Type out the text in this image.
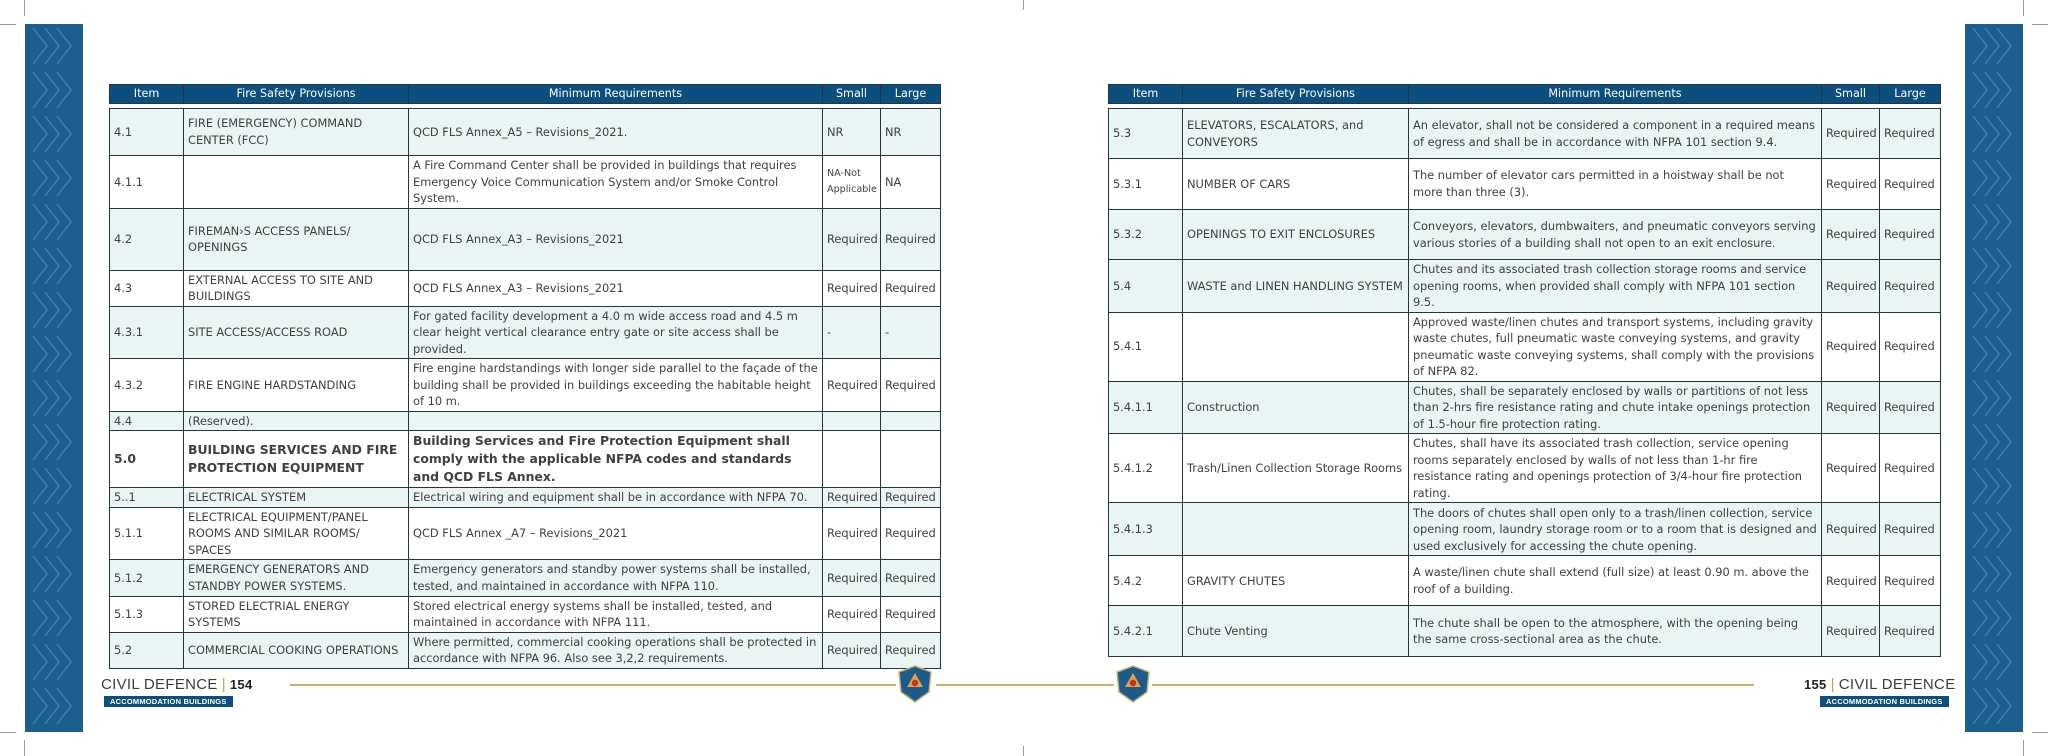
Item	Fire Safety Provisions	Minimum Requirements	Small	Large

4.1	FIRE (EMERGENCY) COMMAND CENTER (FCC)	QCD FLS Annex_A5 – Revisions_2021.	NR	NR
4.1.1		A Fire Command Center shall be provided in buildings that requires Emergency Voice Communication System and/or Smoke Control System.	NA-Not Applicable	NA
4.2	FIREMAN›S ACCESS PANELS/ OPENINGS	QCD FLS Annex_A3 – Revisions_2021	Required	Required
4.3	EXTERNAL ACCESS TO SITE AND BUILDINGS	QCD FLS Annex_A3 – Revisions_2021	Required	Required
4.3.1	SITE ACCESS/ACCESS ROAD	For gated facility development a 4.0 m wide access road and 4.5 m clear height vertical clearance entry gate or site access shall be provided.	-	-
4.3.2	FIRE ENGINE HARDSTANDING	Fire engine hardstandings with longer side parallel to the façade of the building shall be provided in buildings exceeding the habitable height of 10 m.	Required	Required
4.4	(Reserved).			
5.0	BUILDING SERVICES AND FIRE PROTECTION EQUIPMENT	Building Services and Fire Protection Equipment shall comply with the applicable NFPA codes and standards and QCD FLS Annex.		
5..1	ELECTRICAL SYSTEM	Electrical wiring and equipment shall be in accordance with NFPA 70.	Required	Required
5.1.1	ELECTRICAL EQUIPMENT/PANEL ROOMS AND SIMILAR ROOMS/ SPACES	QCD FLS Annex _A7 – Revisions_2021	Required	Required
5.1.2	EMERGENCY GENERATORS AND STANDBY POWER SYSTEMS.	Emergency generators and standby power systems shall be installed, tested, and maintained in accordance with NFPA 110.	Required	Required
5.1.3	STORED ELECTRIAL ENERGY SYSTEMS	Stored electrical energy systems shall be installed, tested, and maintained in accordance with NFPA 111.	Required	Required
5.2	COMMERCIAL COOKING OPERATIONS	Where permitted, commercial cooking operations shall be protected in accordance with NFPA 96. Also see 3,2,2 requirements.	Required	Required
Item	Fire Safety Provisions	Minimum Requirements	Small	Large

5.3	ELEVATORS, ESCALATORS, and CONVEYORS	An elevator, shall not be considered a component in a required means of egress and shall be in accordance with NFPA 101 section 9.4.	Required	Required
5.3.1	NUMBER OF CARS	The number of elevator cars permitted in a hoistway shall be not more than three (3).	Required	Required
5.3.2	OPENINGS TO EXIT ENCLOSURES	Conveyors, elevators, dumbwaiters, and pneumatic conveyors serving various stories of a building shall not open to an exit enclosure.	Required	Required
5.4	WASTE and LINEN HANDLING SYSTEM	Chutes and its associated trash collection storage rooms and service opening rooms, when provided shall comply with NFPA 101 section 9.5.	Required	Required
5.4.1		Approved waste/linen chutes and transport systems, including gravity waste chutes, full pneumatic waste conveying systems, and gravity pneumatic waste conveying systems, shall comply with the provisions of NFPA 82.	Required	Required
5.4.1.1	Construction	Chutes, shall be separately enclosed by walls or partitions of not less than 2-hrs fire resistance rating and chute intake openings protection of 1.5-hour fire protection rating.	Required	Required
5.4.1.2	Trash/Linen Collection Storage Rooms	Chutes, shall have its associated trash collection, service opening rooms separately enclosed by walls of not less than 1-hr fire resistance rating and openings protection of 3/4-hour fire protection rating.	Required	Required
5.4.1.3		The doors of chutes shall open only to a trash/linen collection, service opening room, laundry storage room or to a room that is designed and used exclusively for accessing the chute opening.	Required	Required
5.4.2	GRAVITY CHUTES	A waste/linen chute shall extend (full size) at least 0.90 m. above the roof of a building.	Required	Required
5.4.2.1	Chute Venting	The chute shall be open to the atmosphere, with the opening being the same cross-sectional area as the chute.	Required	Required
CIVIL DEFENCE | 154
ACCOMMODATION BUILDINGS
155 | CIVIL DEFENCE
ACCOMMODATION BUILDINGS
